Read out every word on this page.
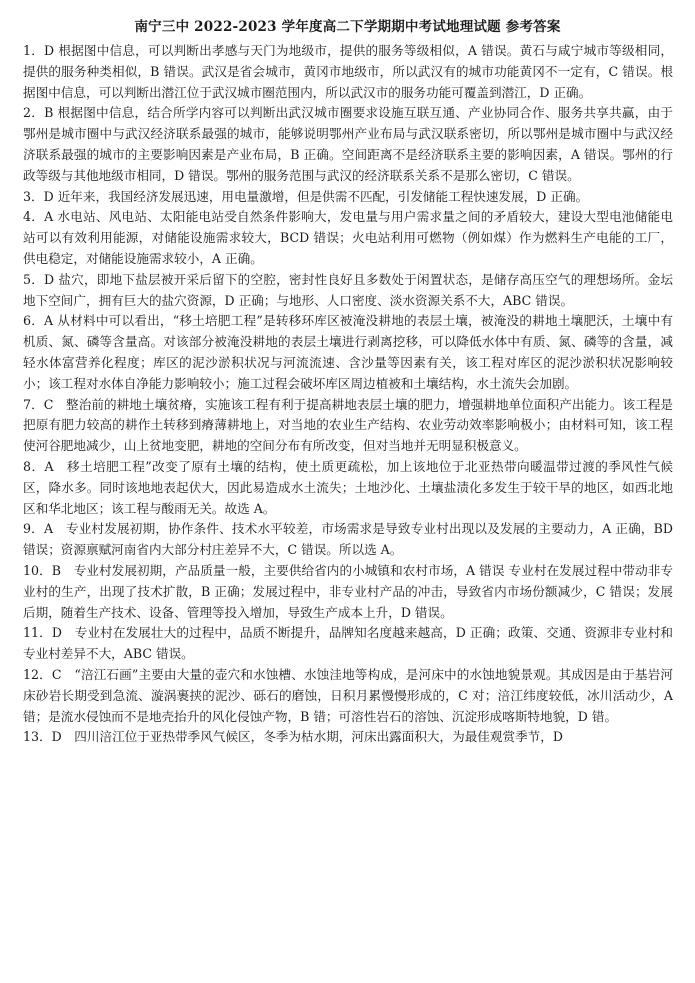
南宁三中 2022-2023 学年度高二下学期期中考试地理试题 参考答案

1．D 根据图中信息，可以判断出孝感与天门为地级市，提供的服务等级相似，A 错误。黄石与咸宁城市等级相同，提供的服务种类相似，B 错误。武汉是省会城市，黄冈市地级市，所以武汉有的城市功能黄冈不一定有，C 错误。根据图中信息，可以判断出潜江位于武汉城市圈范围内，所以武汉市的服务功能可覆盖到潜江，D 正确。

2．B 根据图中信息，结合所学内容可以判断出武汉城市圈要求设施互联互通、产业协同合作、服务共享共赢，由于鄂州是城市圈中与武汉经济联系最强的城市，能够说明鄂州产业布局与武汉联系密切，所以鄂州是城市圈中与武汉经济联系最强的城市的主要影响因素是产业布局，B 正确。空间距离不是经济联系主要的影响因素，A 错误。鄂州的行政等级与其他地级市相同，D 错误。鄂州的服务范围与武汉的经济联系关系不是那么密切，C 错误。

3．D 近年来，我国经济发展迅速，用电量激增，但是供需不匹配，引发储能工程快速发展，D 正确。

4．A 水电站、风电站、太阳能电站受自然条件影响大，发电量与用户需求量之间的矛盾较大，建设大型电池储能电站可以有效利用能源，对储能设施需求较大，BCD 错误；火电站利用可燃物（例如煤）作为燃料生产电能的工厂，供电稳定，对储能设施需求较小，A 正确。

5．D 盐穴，即地下盐层被开采后留下的空腔，密封性良好且多数处于闲置状态，是储存高压空气的理想场所。金坛地下空间广，拥有巨大的盐穴资源，D 正确；与地形、人口密度、淡水资源关系不大，ABC 错误。

6．A 从材料中可以看出，“移土培肥工程”是转移环库区被淹没耕地的表层土壤，被淹没的耕地土壤肥沃，土壤中有机质、氮、磷等含量高。对该部分被淹没耕地的表层土壤进行剥离挖移，可以降低水体中有质、氮、磷等的含量，减轻水体富营养化程度；库区的泥沙淤积状况与河流流速、含沙量等因素有关，该工程对库区的泥沙淤积状况影响较小；该工程对水体自净能力影响较小；施工过程会破坏库区周边植被和土壤结构，水土流失会加剧。

7．C　整治前的耕地土壤贫瘠，实施该工程有利于提高耕地表层土壤的肥力，增强耕地单位面积产出能力。该工程是把原有肥力较高的耕作土转移到瘠薄耕地上，对当地的农业生产结构、农业劳动效率影响极小；由材料可知，该工程使河谷肥地减少，山上贫地变肥，耕地的空间分布有所改变，但对当地并无明显积极意义。

8．A　移土培肥工程”改变了原有土壤的结构，使土质更疏松，加上该地位于北亚热带向暖温带过渡的季风性气候区，降水多。同时该地地表起伏大，因此易造成水土流失；土地沙化、土壤盐渍化多发生于较干旱的地区，如西北地区和华北地区；该工程与酸雨无关。故选 A。

9．A　专业村发展初期，协作条件、技术水平较差，市场需求是导致专业村出现以及发展的主要动力，A 正确，BD 错误；资源禀赋河南省内大部分村庄差异不大，C 错误。所以选 A。

10．B　专业村发展初期，产品质量一般，主要供给省内的小城镇和农村市场，A 错误 专业村在发展过程中带动非专业村的生产，出现了技术扩散，B 正确；发展过程中，非专业村产品的冲击，导致省内市场份额减少，C 错误；发展后期，随着生产技术、设备、管理等投入增加，导致生产成本上升，D 错误。

11．D　专业村在发展壮大的过程中，品质不断提升，品牌知名度越来越高，D 正确；政策、交通、资源非专业村和专业村差异不大，ABC 错误。

12．C　“涪江石画”主要由大量的壶穴和水蚀槽、水蚀洼地等构成，是河床中的水蚀地貌景观。其成因是由于基岩河床砂岩长期受到急流、漩涡裹挟的泥沙、砾石的磨蚀，日积月累慢慢形成的，C 对；涪江纬度较低，冰川活动少，A 错；是流水侵蚀而不是地壳抬升的风化侵蚀产物，B 错；可溶性岩石的溶蚀、沉淀形成喀斯特地貌，D 错。

13．D　四川涪江位于亚热带季风气候区，冬季为枯水期，河床出露面积大，为最佳观赏季节，D
